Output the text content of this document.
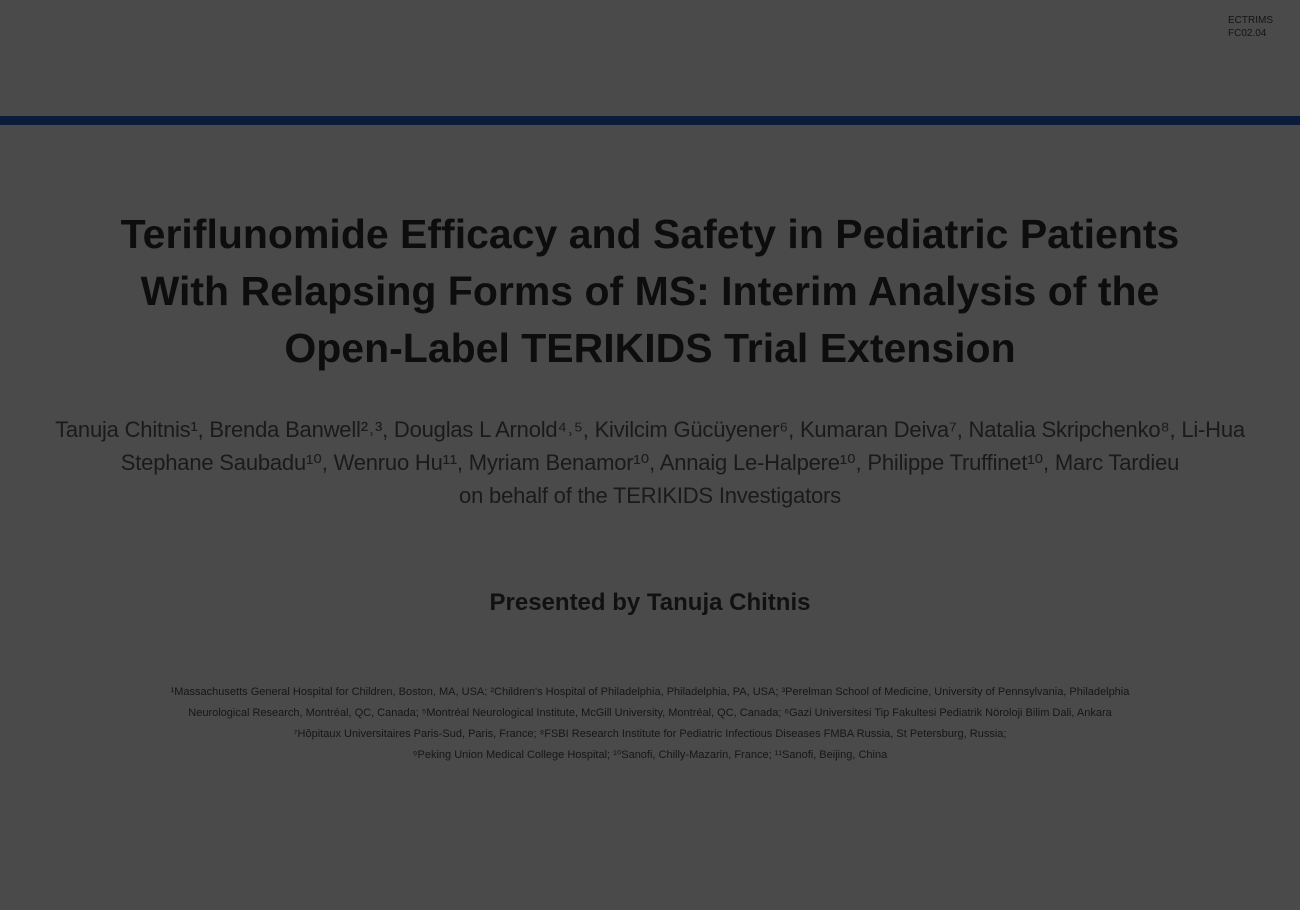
ECTRIMS
FC02.04
Teriflunomide Efficacy and Safety in Pediatric Patients
With Relapsing Forms of MS: Interim Analysis of the
Open-Label TERIKIDS Trial Extension
Tanuja Chitnis¹, Brenda Banwell²˒³, Douglas L Arnold⁴˒⁵, Kivilcim Gücüyener⁶, Kumaran Deiva⁷, Natalia Skripchenko⁸, Li-Hua
Stephane Saubadu¹⁰, Wenruo Hu¹¹, Myriam Benamor¹⁰, Annaig Le-Halpere¹⁰, Philippe Truffinet¹⁰, Marc Tardieu
on behalf of the TERIKIDS Investigators
Presented by Tanuja Chitnis
¹Massachusetts General Hospital for Children, Boston, MA, USA; ²Children's Hospital of Philadelphia, Philadelphia, PA, USA; ³Perelman School of Medicine, University of Pennsylvania, Philadelphia
Neurological Research, Montréal, QC, Canada; ⁵Montréal Neurological Institute, McGill University, Montréal, QC, Canada; ⁶Gazi Universitesi Tip Fakultesi Pediatrik Nöroloji Bilim Dali, Ankara
⁷Hôpitaux Universitaires Paris-Sud, Paris, France; ⁸FSBI Research Institute for Pediatric Infectious Diseases FMBA Russia, St Petersburg, Russia;
⁹Peking Union Medical College Hospital; ¹⁰Sanofi, Chilly-Mazarin, France; ¹¹Sanofi, Beijing, China
